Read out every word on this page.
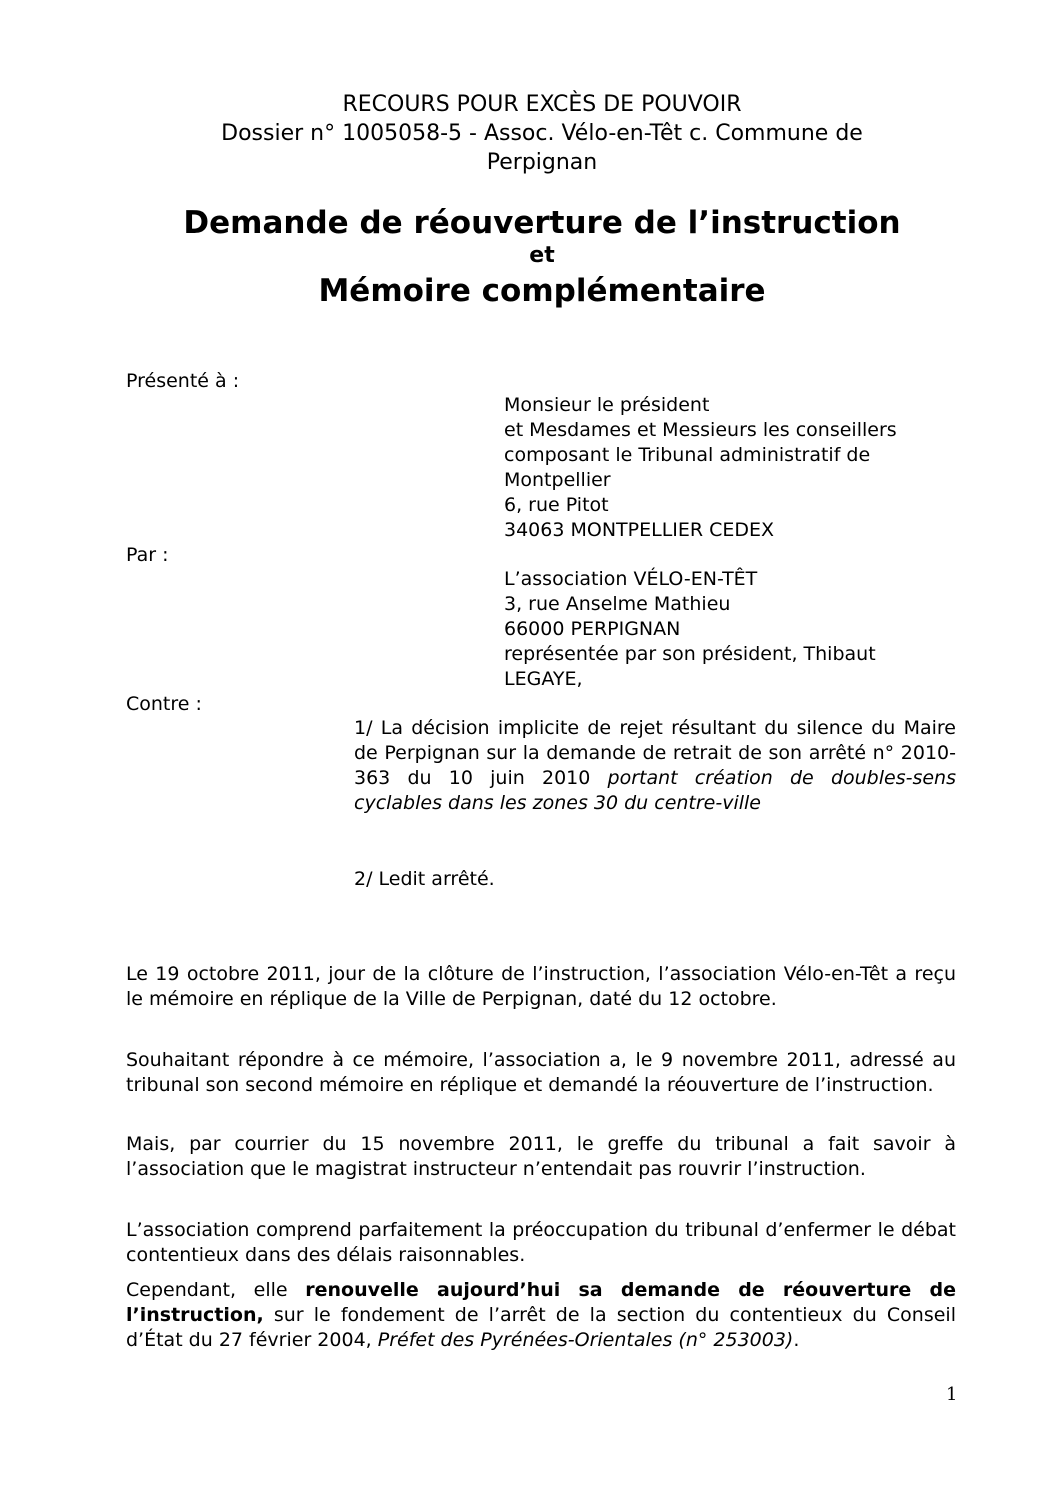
RECOURS POUR EXCÈS DE POUVOIR
Dossier n° 1005058-5 - Assoc. Vélo-en-Têt c. Commune de
Perpignan
Demande de réouverture de l’instruction
et
Mémoire complémentaire
Présenté à :
Monsieur le président
et Mesdames et Messieurs les conseillers
composant le Tribunal administratif de
Montpellier
6, rue Pitot
34063 MONTPELLIER CEDEX
Par :
L’association VÉLO-EN-TÊT
3, rue Anselme Mathieu
66000 PERPIGNAN
représentée par son président, Thibaut
LEGAYE,
Contre :
1/ La décision implicite de rejet résultant du silence du Maire de Perpignan sur la demande de retrait de son arrêté n° 2010-363 du 10 juin 2010 portant création de doubles-sens cyclables dans les zones 30 du centre-ville
2/ Ledit arrêté.
Le 19 octobre 2011, jour de la clôture de l’instruction, l’association Vélo-en-Têt a reçu le mémoire en réplique de la Ville de Perpignan, daté du 12 octobre.
Souhaitant répondre à ce mémoire, l’association a, le 9 novembre 2011, adressé au tribunal son second mémoire en réplique et demandé la réouverture de l’instruction.
Mais, par courrier du 15 novembre 2011, le greffe du tribunal a fait savoir à l’association que le magistrat instructeur n’entendait pas rouvrir l’instruction.
L’association comprend parfaitement la préoccupation du tribunal d’enfermer le débat contentieux dans des délais raisonnables.
Cependant, elle renouvelle aujourd’hui sa demande de réouverture de l’instruction, sur le fondement de l’arrêt de la section du contentieux du Conseil d’État du 27 février 2004, Préfet des Pyrénées-Orientales (n° 253003).
1
